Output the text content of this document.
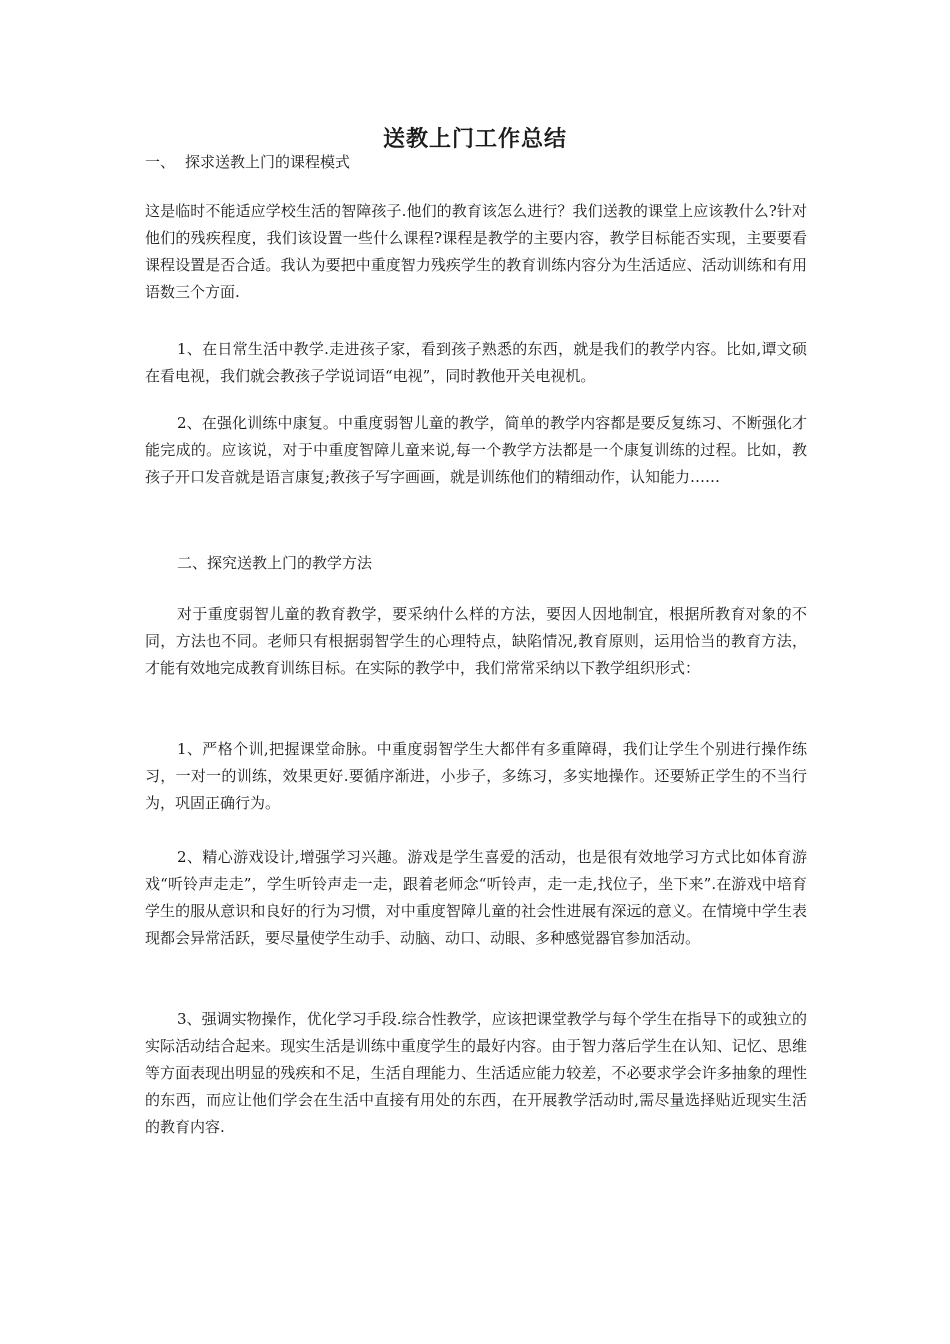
送教上门工作总结
一、 探求送教上门的课程模式

这是临时不能适应学校生活的智障孩子.他们的教育该怎么进行？我们送教的课堂上应该教什么?针对他们的残疾程度，我们该设置一些什么课程?课程是教学的主要内容，教学目标能否实现，主要要看课程设置是否合适。我认为要把中重度智力残疾学生的教育训练内容分为生活适应、活动训练和有用语数三个方面.

1、在日常生活中教学.走进孩子家，看到孩子熟悉的东西，就是我们的教学内容。比如,谭文硕在看电视，我们就会教孩子学说词语“电视”，同时教他开关电视机。

2、在强化训练中康复。中重度弱智儿童的教学，简单的教学内容都是要反复练习、不断强化才能完成的。应该说，对于中重度智障儿童来说,每一个教学方法都是一个康复训练的过程。比如，教孩子开口发音就是语言康复;教孩子写字画画，就是训练他们的精细动作，认知能力……

二、探究送教上门的教学方法

对于重度弱智儿童的教育教学，要采纳什么样的方法，要因人因地制宜，根据所教育对象的不同，方法也不同。老师只有根据弱智学生的心理特点，缺陷情况,教育原则，运用恰当的教育方法，才能有效地完成教育训练目标。在实际的教学中，我们常常采纳以下教学组织形式：

1、严格个训,把握课堂命脉。中重度弱智学生大都伴有多重障碍，我们让学生个别进行操作练习，一对一的训练，效果更好.要循序渐进，小步子，多练习，多实地操作。还要矫正学生的不当行为，巩固正确行为。

2、精心游戏设计,增强学习兴趣。游戏是学生喜爱的活动，也是很有效地学习方式比如体育游戏“听铃声走走”，学生听铃声走一走，跟着老师念“听铃声，走一走,找位子，坐下来”.在游戏中培育学生的服从意识和良好的行为习惯，对中重度智障儿童的社会性进展有深远的意义。在情境中学生表现都会异常活跃，要尽量使学生动手、动脑、动口、动眼、多种感觉器官参加活动。

3、强调实物操作，优化学习手段.综合性教学，应该把课堂教学与每个学生在指导下的或独立的实际活动结合起来。现实生活是训练中重度学生的最好内容。由于智力落后学生在认知、记忆、思维等方面表现出明显的残疾和不足，生活自理能力、生活适应能力较差，不必要求学会许多抽象的理性的东西，而应让他们学会在生活中直接有用处的东西，在开展教学活动时,需尽量选择贴近现实生活的教育内容.
